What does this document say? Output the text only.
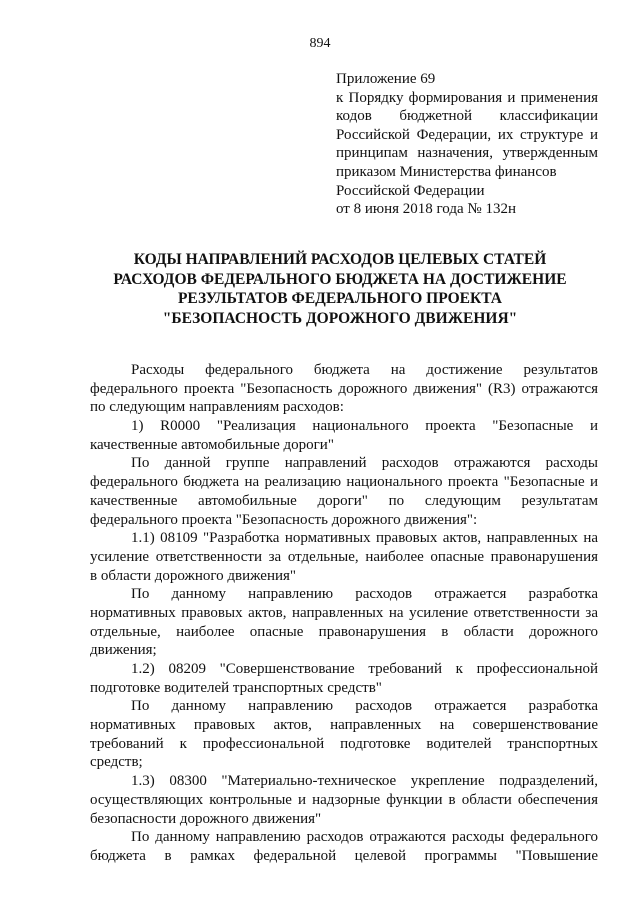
894
Приложение 69
к Порядку формирования и применения
кодов бюджетной классификации
Российской Федерации, их структуре и
принципам назначения, утвержденным
приказом Министерства финансов
Российской Федерации
от 8 июня 2018 года № 132н
КОДЫ НАПРАВЛЕНИЙ РАСХОДОВ ЦЕЛЕВЫХ СТАТЕЙ
РАСХОДОВ ФЕДЕРАЛЬНОГО БЮДЖЕТА НА ДОСТИЖЕНИЕ
РЕЗУЛЬТАТОВ ФЕДЕРАЛЬНОГО ПРОЕКТА
"БЕЗОПАСНОСТЬ ДОРОЖНОГО ДВИЖЕНИЯ"
Расходы федерального бюджета на достижение результатов
федерального проекта "Безопасность дорожного движения" (R3) отражаются
по следующим направлениям расходов:
1) R0000 "Реализация национального проекта "Безопасные и
качественные автомобильные дороги"
По данной группе направлений расходов отражаются расходы
федерального бюджета на реализацию национального проекта "Безопасные и
качественные автомобильные дороги" по следующим результатам
федерального проекта "Безопасность дорожного движения":
1.1) 08109 "Разработка нормативных правовых актов, направленных на
усиление ответственности за отдельные, наиболее опасные правонарушения
в области дорожного движения"
По данному направлению расходов отражается разработка
нормативных правовых актов, направленных на усиление ответственности за
отдельные, наиболее опасные правонарушения в области дорожного
движения;
1.2) 08209 "Совершенствование требований к профессиональной
подготовке водителей транспортных средств"
По данному направлению расходов отражается разработка
нормативных правовых актов, направленных на совершенствование
требований к профессиональной подготовке водителей транспортных
средств;
1.3) 08300 "Материально-техническое укрепление подразделений,
осуществляющих контрольные и надзорные функции в области обеспечения
безопасности дорожного движения"
По данному направлению расходов отражаются расходы федерального
бюджета в рамках федеральной целевой программы "Повышение
